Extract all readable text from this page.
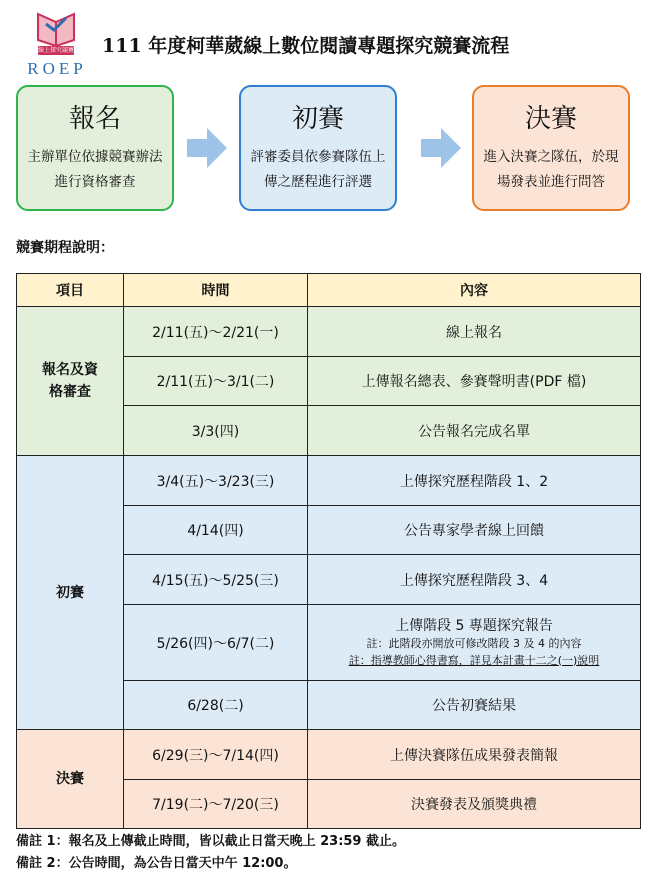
線上探究競賽
ROEP
111 年度柯華葳線上數位閱讀專題探究競賽流程
報名
主辦單位依據競賽辦法進行資格審查
初賽
評審委員依參賽隊伍上傳之歷程進行評選
決賽
進入決賽之隊伍，於現場發表並進行問答
競賽期程說明：
項目	時間	內容
報名及資格審查	2/11(五)～2/21(一)	線上報名
	2/11(五)～3/1(二)	上傳報名總表、參賽聲明書(PDF 檔)
	3/3(四)	公告報名完成名單
初賽	3/4(五)～3/23(三)	上傳探究歷程階段 1、2
	4/14(四)	公告專家學者線上回饋
	4/15(五)～5/25(三)	上傳探究歷程階段 3、4
	5/26(四)～6/7(二)	上傳階段 5 專題探究報告
註：此階段亦開放可修改階段 3 及 4 的內容
註：指導教師心得書寫，詳見本計畫十二之(一)說明

	6/28(二)	公告初賽結果
決賽	6/29(三)～7/14(四)	上傳決賽隊伍成果發表簡報
	7/19(二)～7/20(三)	決賽發表及頒獎典禮
備註 1：報名及上傳截止時間，皆以截止日當天晚上 23:59 截止。
備註 2：公告時間，為公告日當天中午 12:00。
